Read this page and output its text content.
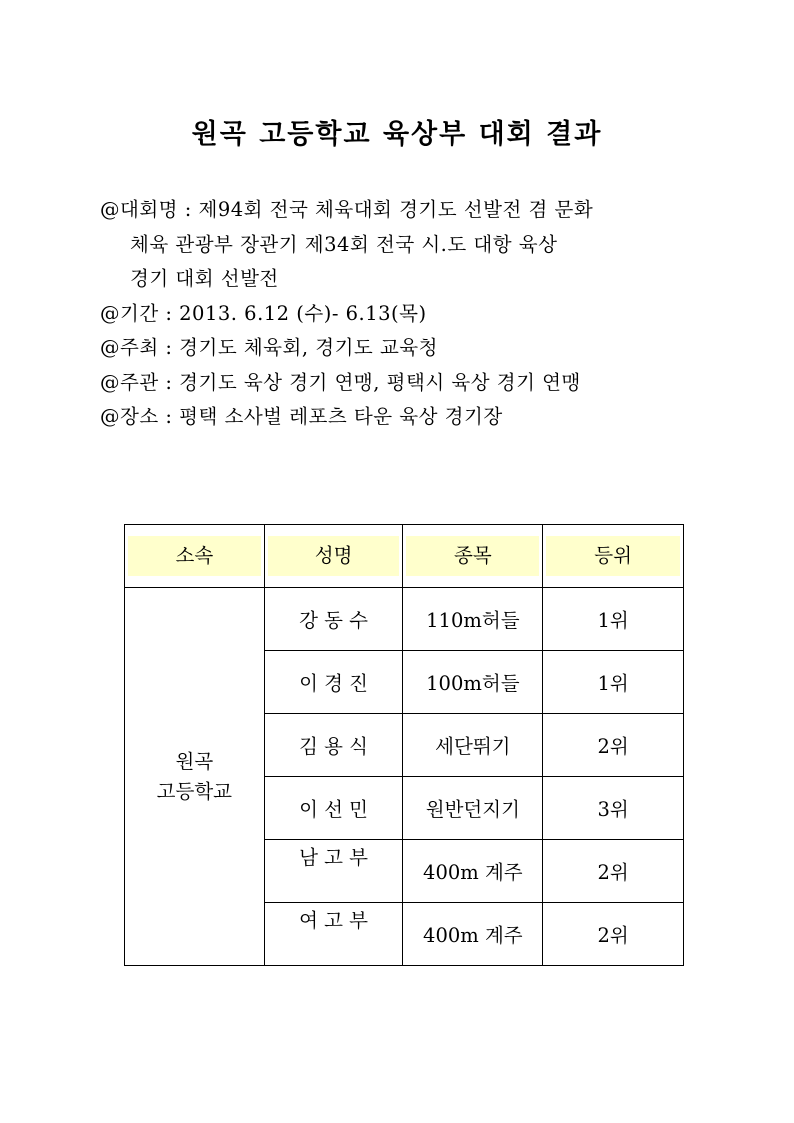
원곡 고등학교 육상부 대회 결과
@대회명 : 제94회 전국 체육대회 경기도 선발전 겸 문화
체육 관광부 장관기 제34회 전국 시.도 대항 육상
경기 대회 선발전
@기간 : 2013. 6.12 (수)- 6.13(목)
@주최 : 경기도 체육회, 경기도 교육청
@주관 : 경기도 육상 경기 연맹, 평택시 육상 경기 연맹
@장소 : 평택 소사벌 레포츠 타운 육상 경기장
소속	성명	종목	등위

원곡
고등학교	강 동 수	110m허들	1위
	이 경 진	100m허들	1위
	김 용 식	세단뛰기	2위
	이 선 민	원반던지기	3위

	남 고 부	400m 계주	2위

	여 고 부	400m 계주	2위
